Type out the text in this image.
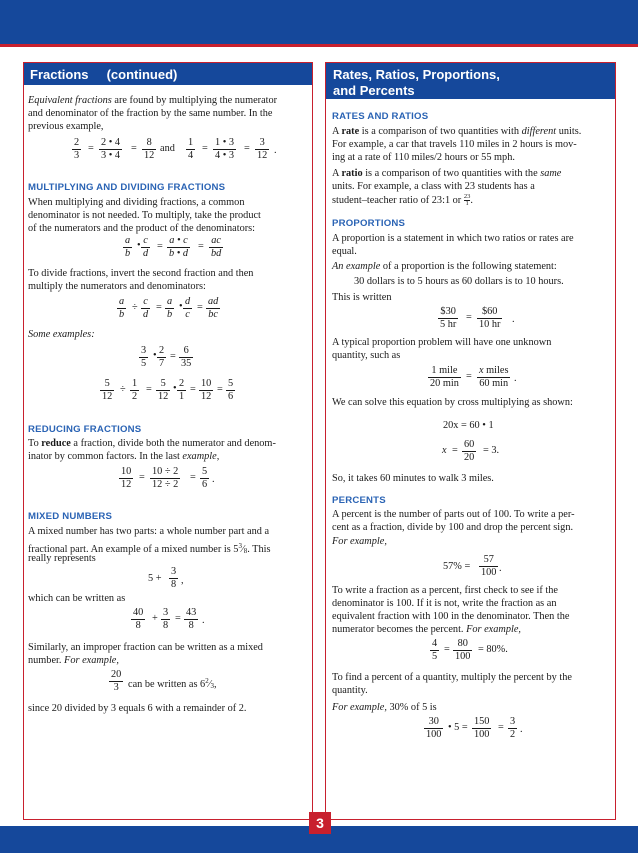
3
Fractions     (continued)
Equivalent fractions are found by multiplying the numerator
and denominator of the fraction by the same number. In the
previous example,
2
3
=
2 • 4
3 • 4
=
8
12
and
1
4
=
1 • 3
4 • 3
=
3
12 .
MULTIPLYING AND DIVIDING FRACTIONS
When multiplying and dividing fractions, a common
denominator is not needed. To multiply, take the product
of the numerators and the product of the denominators:
a
b
• c
d
=
a • c
b • d
=
ac
bd
To divide fractions, invert the second fraction and then
multiply the numerators and denominators:
a
b
÷
c
d
=
a
b
• d
c
=
ad
bc
Some examples:
3
5
• 2
7
=
6
35
5
12
÷
1
2
=
5
12
• 2
1
=
10
12
=
5
6
REDUCING FRACTIONS
To reduce a fraction, divide both the numerator and denom-
inator by common factors. In the last example,
10
12
=
10 ÷ 2
12 ÷ 2
=
5
6 .
MIXED NUMBERS
A mixed number has two parts: a whole number part and a
fractional part. An example of a mixed number is $5^3⁄_8$. This
really represents
5 +
3
8 ,
which can be written as
40
8
+
3
8
=
43
8 .
Similarly, an improper fraction can be written as a mixed
number. For example,
20
3 can be written as $6^2⁄_3$,
since 20 divided by 3 equals 6 with a remainder of 2.
Rates, Ratios, Proportions,
and Percents
RATES AND RATIOS
A rate is a comparison of two quantities with different units.
For example, a car that travels 110 miles in 2 hours is mov-
ing at a rate of 110 miles/2 hours or 55 mph.
A ratio is a comparison of two quantities with the same
units. For example, a class with 23 students has a
student–teacher ratio of 23:1 or $\frac{23}{1}$ .
PROPORTIONS
A proportion is a statement in which two ratios or rates are
equal.
An example of a proportion is the following statement:
30 dollars is to 5 hours as 60 dollars is to 10 hours.
This is written
$30
5 hr
=
$60
10 hr .
A typical proportion problem will have one unknown
quantity, such as
1 mile
20 min
=
x miles
60 min .
We can solve this equation by cross multiplying as shown:
20x = 60 • 1
x =
60
20
= 3.
So, it takes 60 minutes to walk 3 miles.
PERCENTS
A percent is the number of parts out of 100. To write a per-
cent as a fraction, divide by 100 and drop the percent sign.
For example,
57% =
57
100 .
To write a fraction as a percent, first check to see if the
denominator is 100. If it is not, write the fraction as an
equivalent fraction with 100 in the denominator. Then the
numerator becomes the percent. For example,
4
5
=
80
100
= 80%.
To find a percent of a quantity, multiply the percent by the
quantity.
For example, 30% of 5 is
30
100
• 5 =
150
100
=
3
2 .
